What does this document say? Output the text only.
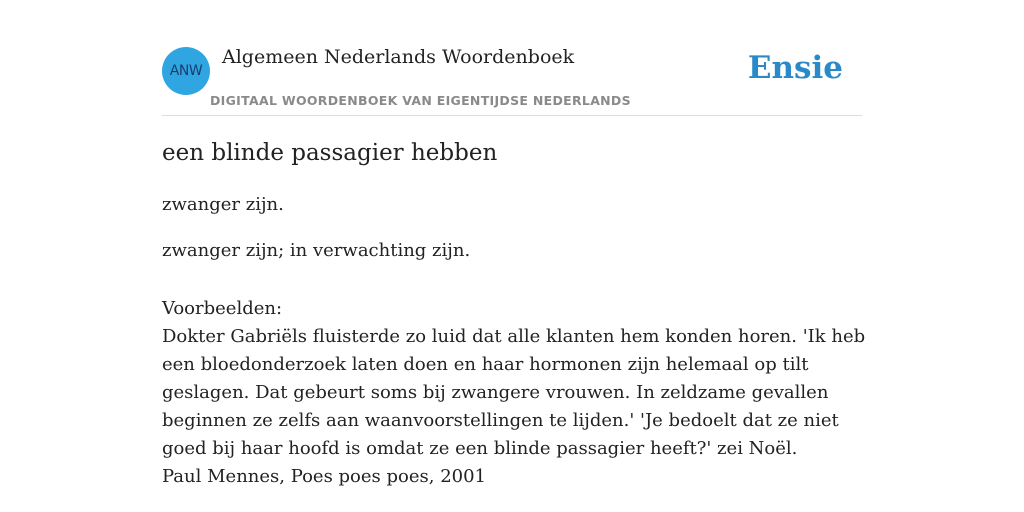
ANW
Algemeen Nederlands Woordenboek
DIGITAAL WOORDENBOEK VAN EIGENTIJDSE NEDERLANDS
Ensie
een blinde passagier hebben
zwanger zijn.
zwanger zijn; in verwachting zijn.
Voorbeelden:
Dokter Gabriëls fluisterde zo luid dat alle klanten hem konden horen. 'Ik heb een bloedonderzoek laten doen en haar hormonen zijn helemaal op tilt geslagen. Dat gebeurt soms bij zwangere vrouwen. In zeldzame gevallen beginnen ze zelfs aan waanvoorstellingen te lijden.' 'Je bedoelt dat ze niet goed bij haar hoofd is omdat ze een blinde passagier heeft?' zei Noël.
Paul Mennes, Poes poes poes, 2001
